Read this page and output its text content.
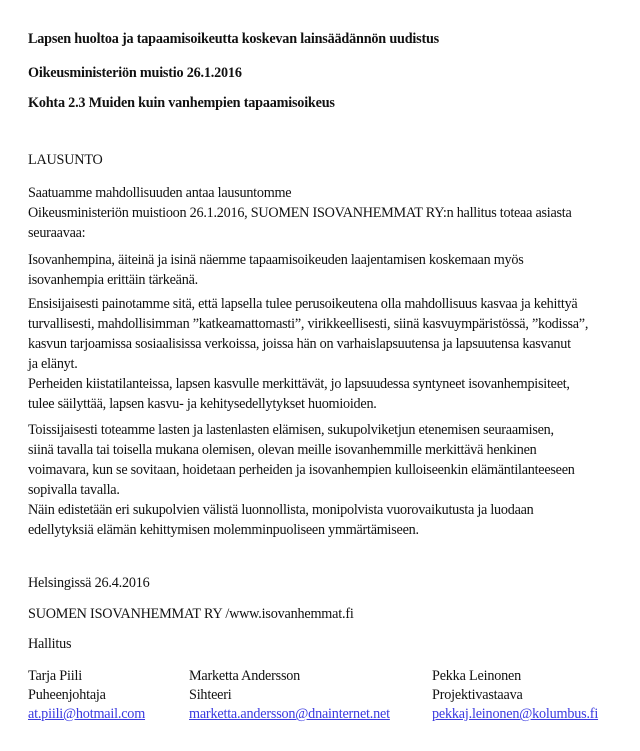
Lapsen huoltoa ja tapaamisoikeutta koskevan lainsäädännön uudistus
Oikeusministeriön muistio 26.1.2016
Kohta 2.3 Muiden kuin vanhempien tapaamisoikeus
LAUSUNTO
Saatuamme mahdollisuuden antaa lausuntomme
Oikeusministeriön muistioon 26.1.2016, SUOMEN ISOVANHEMMAT RY:n hallitus toteaa asiasta
seuraavaa:
Isovanhempina, äiteinä ja isinä näemme tapaamisoikeuden laajentamisen koskemaan myös
isovanhempia erittäin tärkeänä.
Ensisijaisesti painotamme sitä, että lapsella tulee perusoikeutena olla mahdollisuus kasvaa ja kehittyä
turvallisesti, mahdollisimman ”katkeamattomasti”, virikkeellisesti, siinä kasvuympäristössä, ”kodissa”,
kasvun tarjoamissa sosiaalisissa verkoissa, joissa hän on varhaislapsuutensa ja lapsuutensa kasvanut
ja elänyt.
Perheiden kiistatilanteissa, lapsen kasvulle merkittävät, jo lapsuudessa syntyneet isovanhempisiteet,
tulee säilyttää, lapsen kasvu- ja kehitysedellytykset huomioiden.
Toissijaisesti toteamme lasten ja lastenlasten elämisen, sukupolviketjun etenemisen seuraamisen,
siinä tavalla tai toisella mukana olemisen, olevan meille isovanhemmille merkittävä henkinen
voimavara, kun se sovitaan, hoidetaan perheiden ja isovanhempien kulloiseenkin elämäntilanteeseen
sopivalla tavalla.
Näin edistetään eri sukupolvien välistä luonnollista, monipolvista vuorovaikutusta ja luodaan
edellytyksiä elämän kehittymisen molemminpuoliseen ymmärtämiseen.
Helsingissä 26.4.2016
SUOMEN ISOVANHEMMAT RY /www.isovanhemmat.fi
Hallitus
Tarja Piili
Puheenjohtaja
at.piili@hotmail.com
Marketta Andersson
Sihteeri
marketta.andersson@dnainternet.net
Pekka Leinonen
Projektivastaava
pekkaj.leinonen@kolumbus.fi
